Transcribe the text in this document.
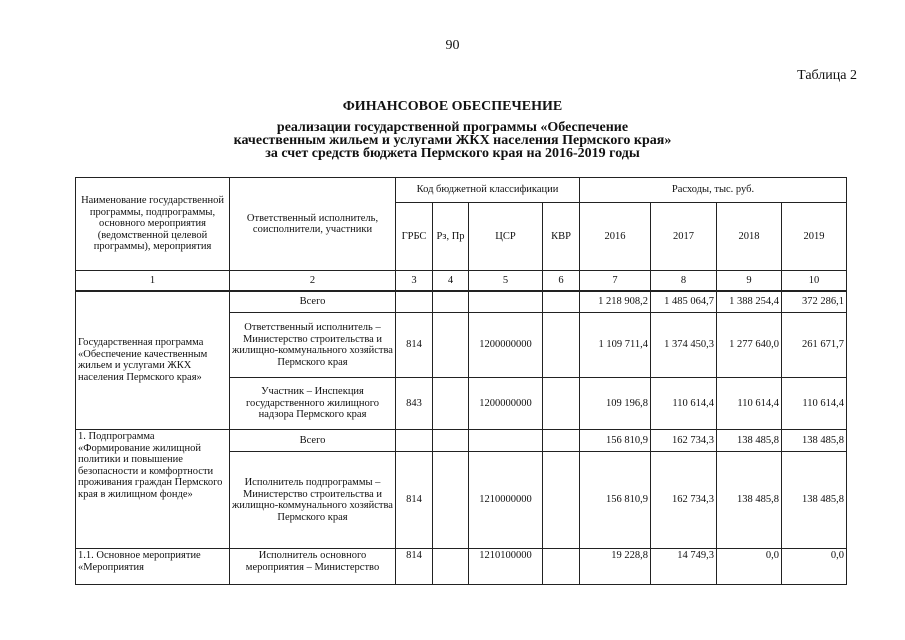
90
Таблица 2
ФИНАНСОВОЕ ОБЕСПЕЧЕНИЕ
реализации государственной программы «Обеспечение
качественным жильем и услугами ЖКХ населения Пермского края»
за счет средств бюджета Пермского края на 2016-2019 годы
Наименование государственной программы, подпрограммы, основного мероприятия (ведомственной целевой программы), мероприятия	Ответственный исполнитель, соисполнители, участники	Код бюджетной классификации				Расходы, тыс. руб.			
		ГРБС	Рз, Пр	ЦСР	КВР	2016	2017	2018	2019
1	2	3	4	5	6	7	8	9	10
Государственная программа «Обеспечение качественным жильем и услугами ЖКХ населения Пермского края»	Всего					1 218 908,2	1 485 064,7	1 388 254,4	372 286,1
	Ответственный исполнитель – Министерство строительства и жилищно-коммунального хозяйства Пермского края	814		1200000000		1 109 711,4	1 374 450,3	1 277 640,0	261 671,7
	Участник – Инспекция государственного жилищного надзора Пермского края	843		1200000000		109 196,8	110 614,4	110 614,4	110 614,4
1. Подпрограмма «Формирование жилищной политики и повышение безопасности и комфортности проживания граждан Пермского края в жилищном фонде»	Всего					156 810,9	162 734,3	138 485,8	138 485,8
	Исполнитель подпрограммы – Министерство строительства и жилищно-коммунального хозяйства Пермского края	814		1210000000		156 810,9	162 734,3	138 485,8	138 485,8
1.1. Основное мероприятие «Мероприятия	Исполнитель основного мероприятия – Министерство	814		1210100000		19 228,8	14 749,3	0,0	0,0
